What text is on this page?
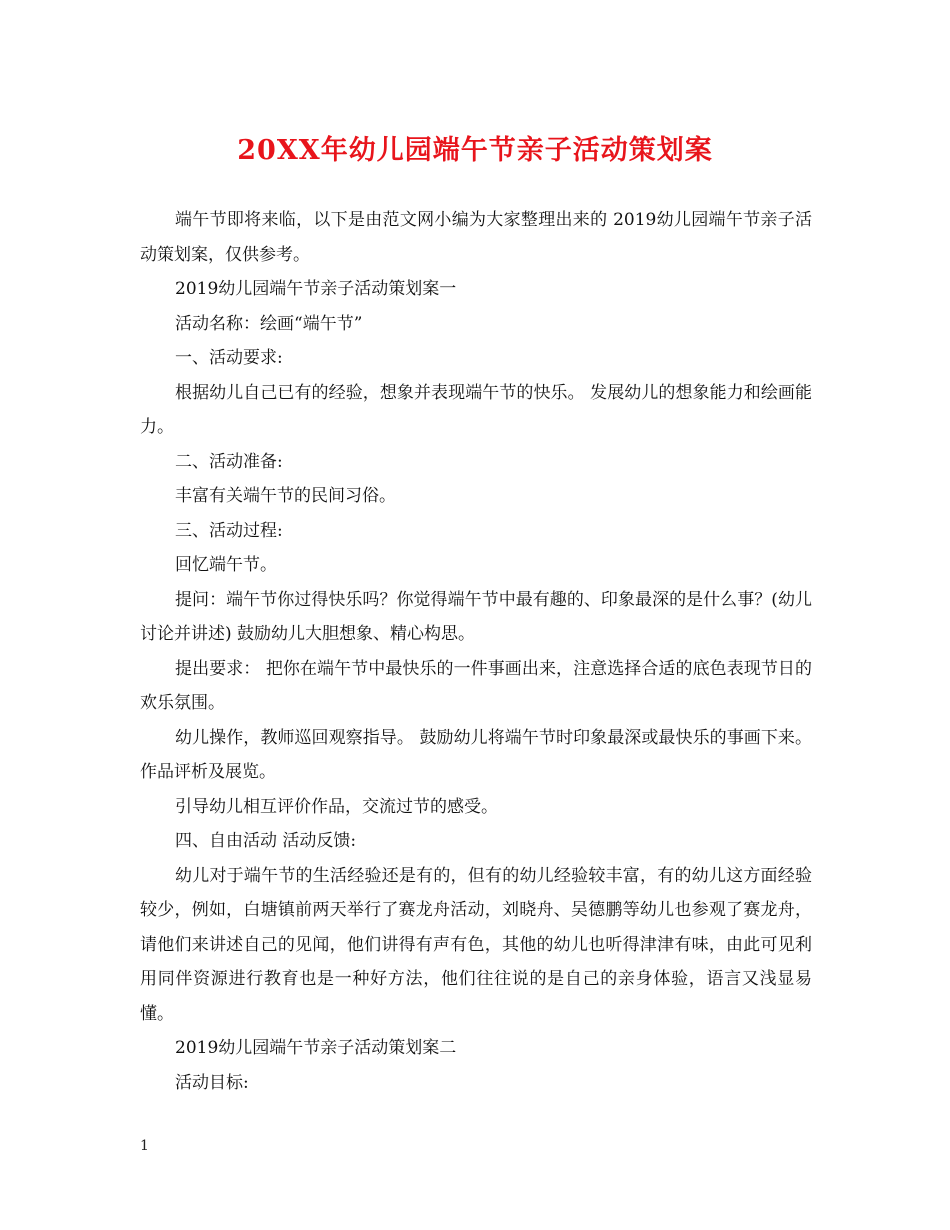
20XX年幼儿园端午节亲子活动策划案

端午节即将来临，以下是由范文网小编为大家整理出来的 2019幼儿园端午节亲子活动策划案，仅供参考。

2019幼儿园端午节亲子活动策划案一

活动名称：绘画“端午节”

一、活动要求:

根据幼儿自己已有的经验，想象并表现端午节的快乐。 发展幼儿的想象能力和绘画能力。

二、活动准备:

丰富有关端午节的民间习俗。

三、活动过程:

回忆端午节。

提问：端午节你过得快乐吗？你觉得端午节中最有趣的、印象最深的是什么事？(幼儿讨论并讲述) 鼓励幼儿大胆想象、精心构思。

提出要求： 把你在端午节中最快乐的一件事画出来，注意选择合适的底色表现节日的欢乐氛围。

幼儿操作，教师巡回观察指导。 鼓励幼儿将端午节时印象最深或最快乐的事画下来。 作品评析及展览。

引导幼儿相互评价作品，交流过节的感受。

四、自由活动 活动反馈:

幼儿对于端午节的生活经验还是有的，但有的幼儿经验较丰富，有的幼儿这方面经验较少，例如，白塘镇前两天举行了赛龙舟活动，刘晓舟、吴德鹏等幼儿也参观了赛龙舟，请他们来讲述自己的见闻，他们讲得有声有色，其他的幼儿也听得津津有味，由此可见利用同伴资源进行教育也是一种好方法，他们往往说的是自己的亲身体验，语言又浅显易懂。

2019幼儿园端午节亲子活动策划案二

活动目标:

1
